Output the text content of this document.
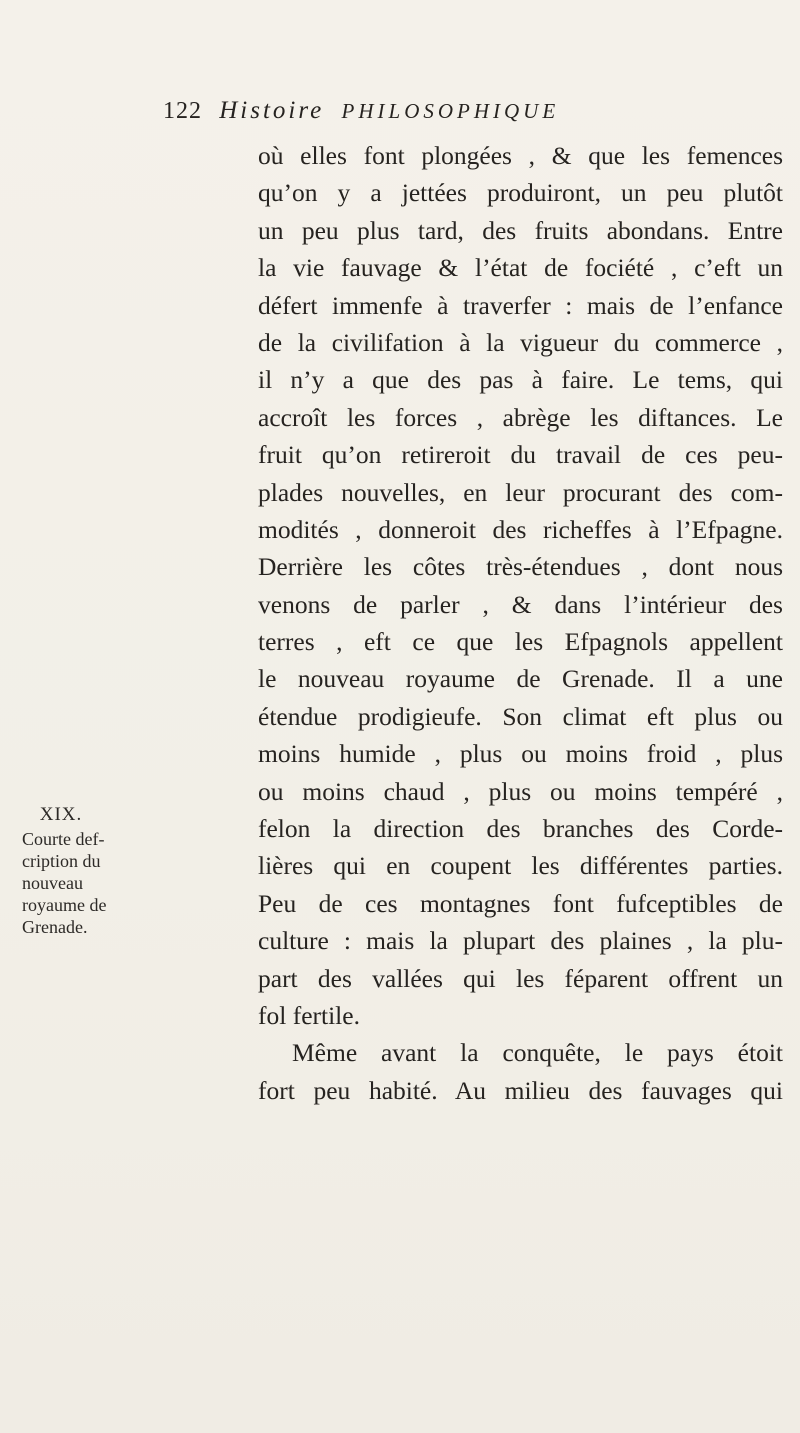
122 Histoire PHILOSOPHIQUE
XIX.
Courte def-
cription du
nouveau
royaume de
Grenade.
où elles font plongées , & que les femences
qu’on y a jettées produiront, un peu plutôt
un peu plus tard, des fruits abondans. Entre
la vie fauvage & l’état de fociété , c’eft un
défert immenfe à traverfer : mais de l’enfance
de la civilifation à la vigueur du commerce ,
il n’y a que des pas à faire. Le tems, qui
accroît les forces , abrège les diftances. Le
fruit qu’on retireroit du travail de ces peu-
plades nouvelles, en leur procurant des com-
modités , donneroit des richeffes à l’Efpagne.
Derrière les côtes très-étendues , dont nous
venons de parler , & dans l’intérieur des
terres , eft ce que les Efpagnols appellent
le nouveau royaume de Grenade. Il a une
étendue prodigieufe. Son climat eft plus ou
moins humide , plus ou moins froid , plus
ou moins chaud , plus ou moins tempéré ,
felon la direction des branches des Corde-
lières qui en coupent les différentes parties.
Peu de ces montagnes font fufceptibles de
culture : mais la plupart des plaines , la plu-
part des vallées qui les féparent offrent un
fol fertile.
Même avant la conquête, le pays étoit
fort peu habité. Au milieu des fauvages qui
